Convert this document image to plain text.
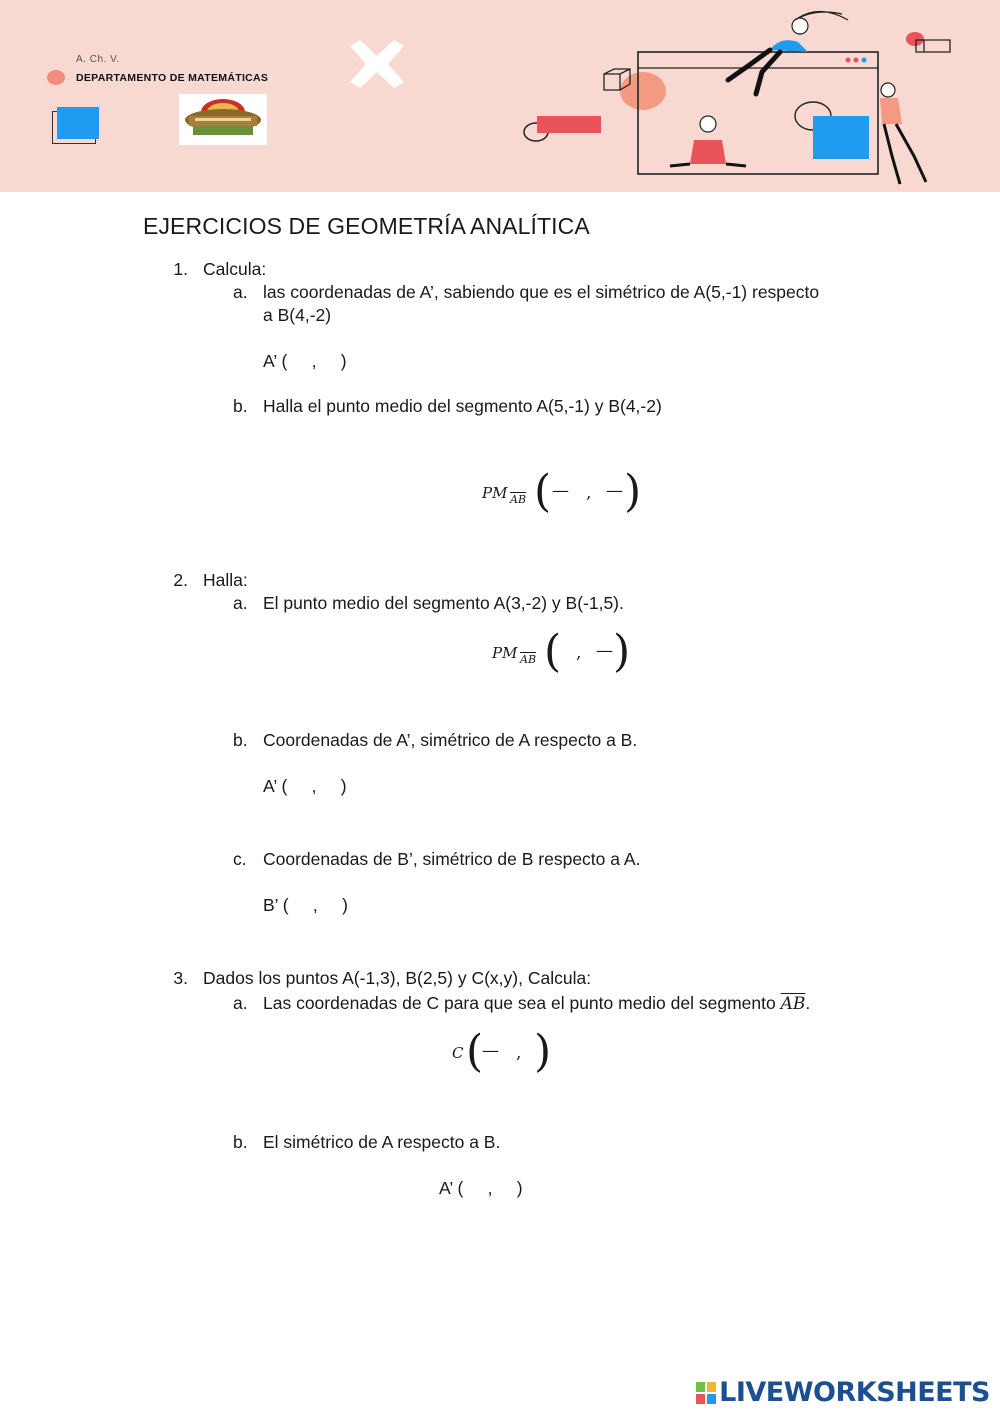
A. Ch. V.
DEPARTAMENTO DE MATEMÁTICAS
EJERCICIOS DE GEOMETRÍA ANALÍTICA
1. Calcula:
a. las coordenadas de A’, sabiendo que es el simétrico de A(5,-1) respecto
a B(4,-2)
A’ (     ,     )
b. Halla el punto medio del segmento A(5,-1) y B(4,-2)
PM $\overline{AB}$ ( — , — )
2. Halla:
a. El punto medio del segmento A(3,-2) y B(-1,5).
PM $\overline{AB}$ ( , — )
b. Coordenadas de A’, simétrico de A respecto a B.
A’ (     ,     )
c. Coordenadas de B’, simétrico de B respecto a A.
B’ (     ,     )
3. Dados los puntos A(-1,3), B(2,5) y C(x,y), Calcula:
a. Las coordenadas de C para que sea el punto medio del segmento $\overline{AB}$.
C (
— , )
b. El simétrico de A respecto a B.
A’ (     ,     )
LIVEWORKSHEETS
